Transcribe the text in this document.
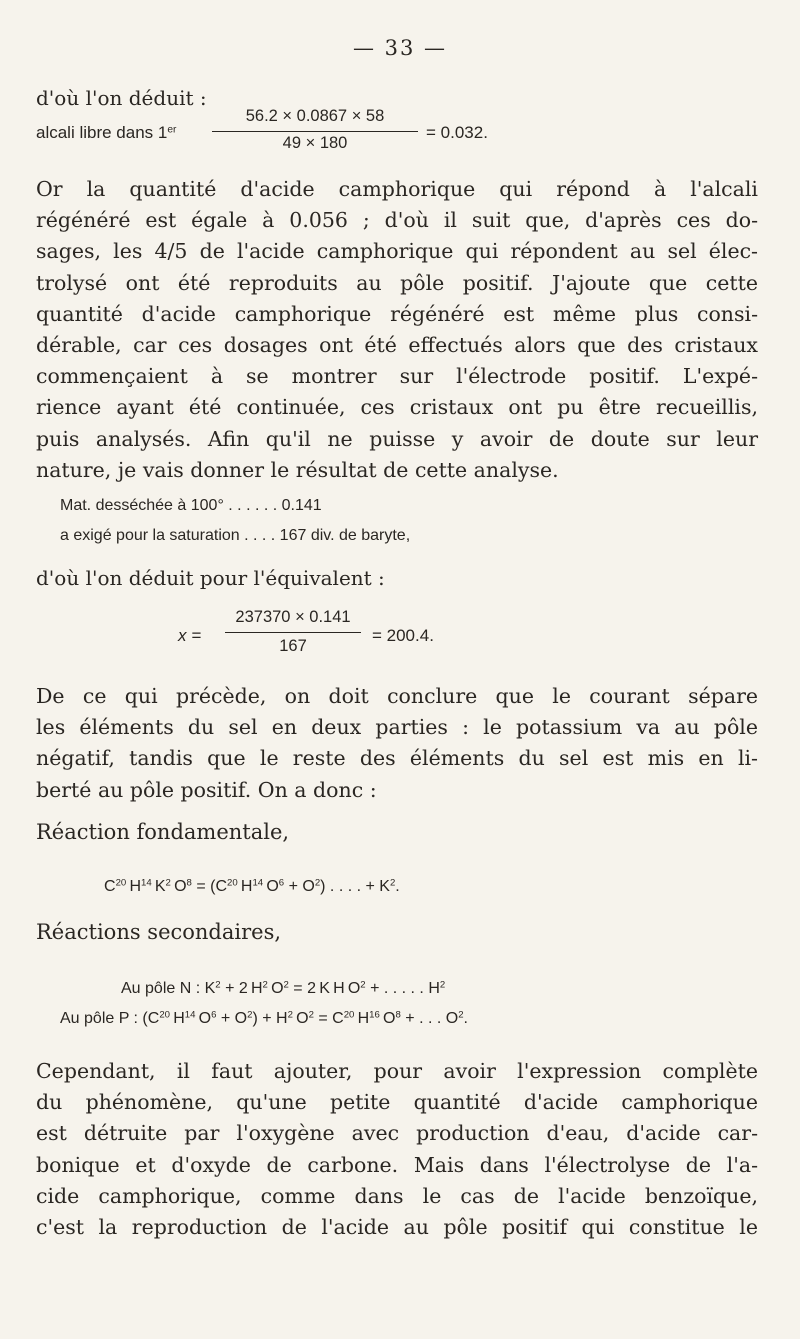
— 33 —
d'où l'on déduit :
alcali libre dans 1er
56.2 × 0.0867 × 58
49 × 180
= 0.032.
Or la quantité d'acide camphorique qui répond à l'alcali
régénéré est égale à 0.056 ; d'où il suit que, d'après ces do-
sages, les 4/5 de l'acide camphorique qui répondent au sel élec-
trolysé ont été reproduits au pôle positif. J'ajoute que cette
quantité d'acide camphorique régénéré est même plus consi-
dérable, car ces dosages ont été effectués alors que des cristaux
commençaient à se montrer sur l'électrode positif. L'expé-
rience ayant été continuée, ces cristaux ont pu être recueillis,
puis analysés. Afin qu'il ne puisse y avoir de doute sur leur
nature, je vais donner le résultat de cette analyse.
Mat. desséchée à 100° . . . . . . 0.141
a exigé pour la saturation . . . . 167 div. de baryte,
d'où l'on déduit pour l'équivalent :
x =
237370 × 0.141
167
= 200.4.
De ce qui précède, on doit conclure que le courant sépare
les éléments du sel en deux parties : le potassium va au pôle
négatif, tandis que le reste des éléments du sel est mis en li-
berté au pôle positif. On a donc :
Réaction fondamentale,
$C^{20}$ $H^{14}$ $K^2$ $O^8 = (C^{20}$ $H^{14}$ $O^6 + O^2$) . . . . + $K^2$.
Réactions secondaires,
Au pôle N : $K^2 + 2$ $H^2$ $O^2 = 2$ K H $O^2$ + . . . . . $H^2$
Au pôle P : ($C^{20}$ $H^{14}$ $O^6 + O^2) + H^2$ $O^2 = C^{20}$ $H^{16}$ $O^8$ + . . . $O^2$.
Cependant, il faut ajouter, pour avoir l'expression complète
du phénomène, qu'une petite quantité d'acide camphorique
est détruite par l'oxygène avec production d'eau, d'acide car-
bonique et d'oxyde de carbone. Mais dans l'électrolyse de l'a-
cide camphorique, comme dans le cas de l'acide benzoïque,
c'est la reproduction de l'acide au pôle positif qui constitue le
